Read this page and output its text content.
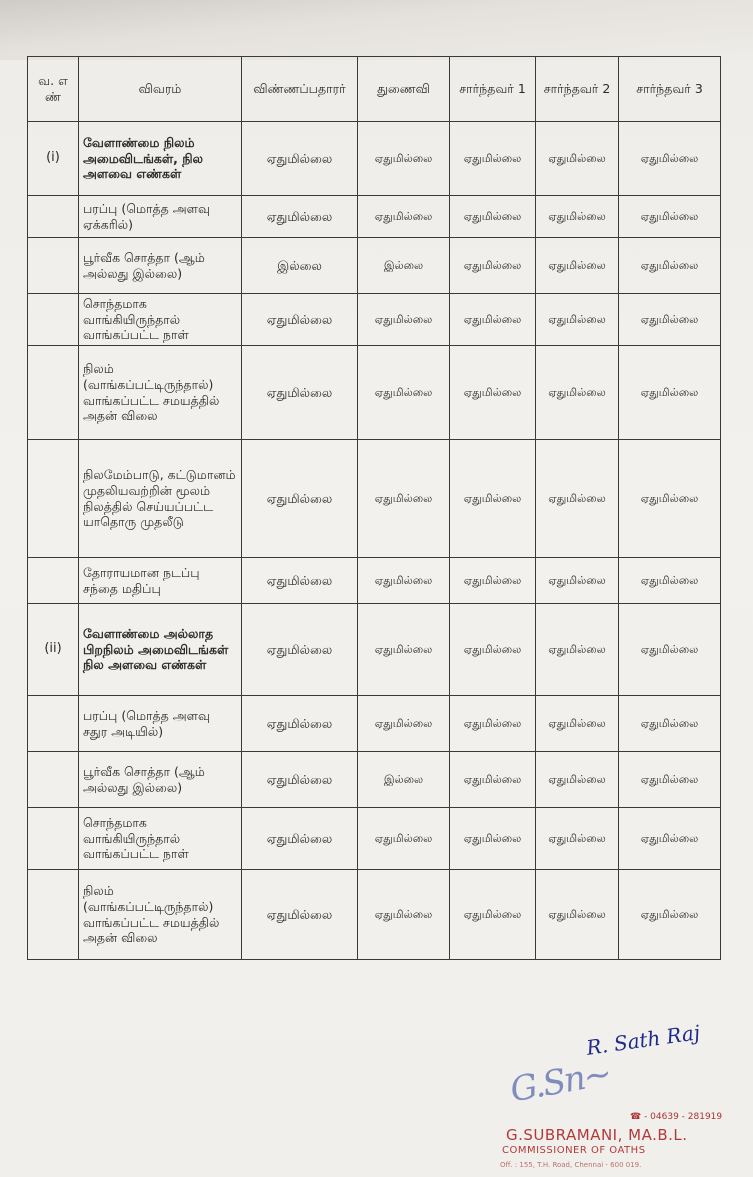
வ. எ ண்	விவரம்	விண்ணப்பதாரர்	துணைவி	சார்ந்தவர் 1	சார்ந்தவர் 2	சார்ந்தவர் 3
(i)	வேளாண்மை நிலம் அமைவிடங்கள், நில அளவை எண்கள்	ஏதுமில்லை	ஏதுமில்லை	ஏதுமில்லை	ஏதுமில்லை	ஏதுமில்லை
	பரப்பு (மொத்த அளவு ஏக்கரில்)	ஏதுமில்லை	ஏதுமில்லை	ஏதுமில்லை	ஏதுமில்லை	ஏதுமில்லை
	பூர்வீக சொத்தா (ஆம் அல்லது இல்லை)	இல்லை	இல்லை	ஏதுமில்லை	ஏதுமில்லை	ஏதுமில்லை
	சொந்தமாக வாங்கியிருந்தால் வாங்கப்பட்ட நாள்	ஏதுமில்லை	ஏதுமில்லை	ஏதுமில்லை	ஏதுமில்லை	ஏதுமில்லை
	நிலம் (வாங்கப்பட்டிருந்தால்) வாங்கப்பட்ட சமயத்தில் அதன் விலை	ஏதுமில்லை	ஏதுமில்லை	ஏதுமில்லை	ஏதுமில்லை	ஏதுமில்லை
	நிலமேம்பாடு, கட்டுமானம் முதலியவற்றின் மூலம் நிலத்தில் செய்யப்பட்ட யாதொரு முதலீடு	ஏதுமில்லை	ஏதுமில்லை	ஏதுமில்லை	ஏதுமில்லை	ஏதுமில்லை
	தோராயமான நடப்பு சந்தை மதிப்பு	ஏதுமில்லை	ஏதுமில்லை	ஏதுமில்லை	ஏதுமில்லை	ஏதுமில்லை
(ii)	வேளாண்மை அல்லாத பிறநிலம் அமைவிடங்கள் நில அளவை எண்கள்	ஏதுமில்லை	ஏதுமில்லை	ஏதுமில்லை	ஏதுமில்லை	ஏதுமில்லை
	பரப்பு (மொத்த அளவு சதுர அடியில்)	ஏதுமில்லை	ஏதுமில்லை	ஏதுமில்லை	ஏதுமில்லை	ஏதுமில்லை
	பூர்வீக சொத்தா (ஆம் அல்லது இல்லை)	ஏதுமில்லை	இல்லை	ஏதுமில்லை	ஏதுமில்லை	ஏதுமில்லை
	சொந்தமாக வாங்கியிருந்தால் வாங்கப்பட்ட நாள்	ஏதுமில்லை	ஏதுமில்லை	ஏதுமில்லை	ஏதுமில்லை	ஏதுமில்லை
	நிலம் (வாங்கப்பட்டிருந்தால்) வாங்கப்பட்ட சமயத்தில் அதன் விலை	ஏதுமில்லை	ஏதுமில்லை	ஏதுமில்லை	ஏதுமில்லை	ஏதுமில்லை
R. Sath Raj
G.Sn~
☎ - 04639 - 281919
G.SUBRAMANI, MA.B.L.
COMMISSIONER OF OATHS
Off. : 155, T.H. Road, Chennai - 600 019.
